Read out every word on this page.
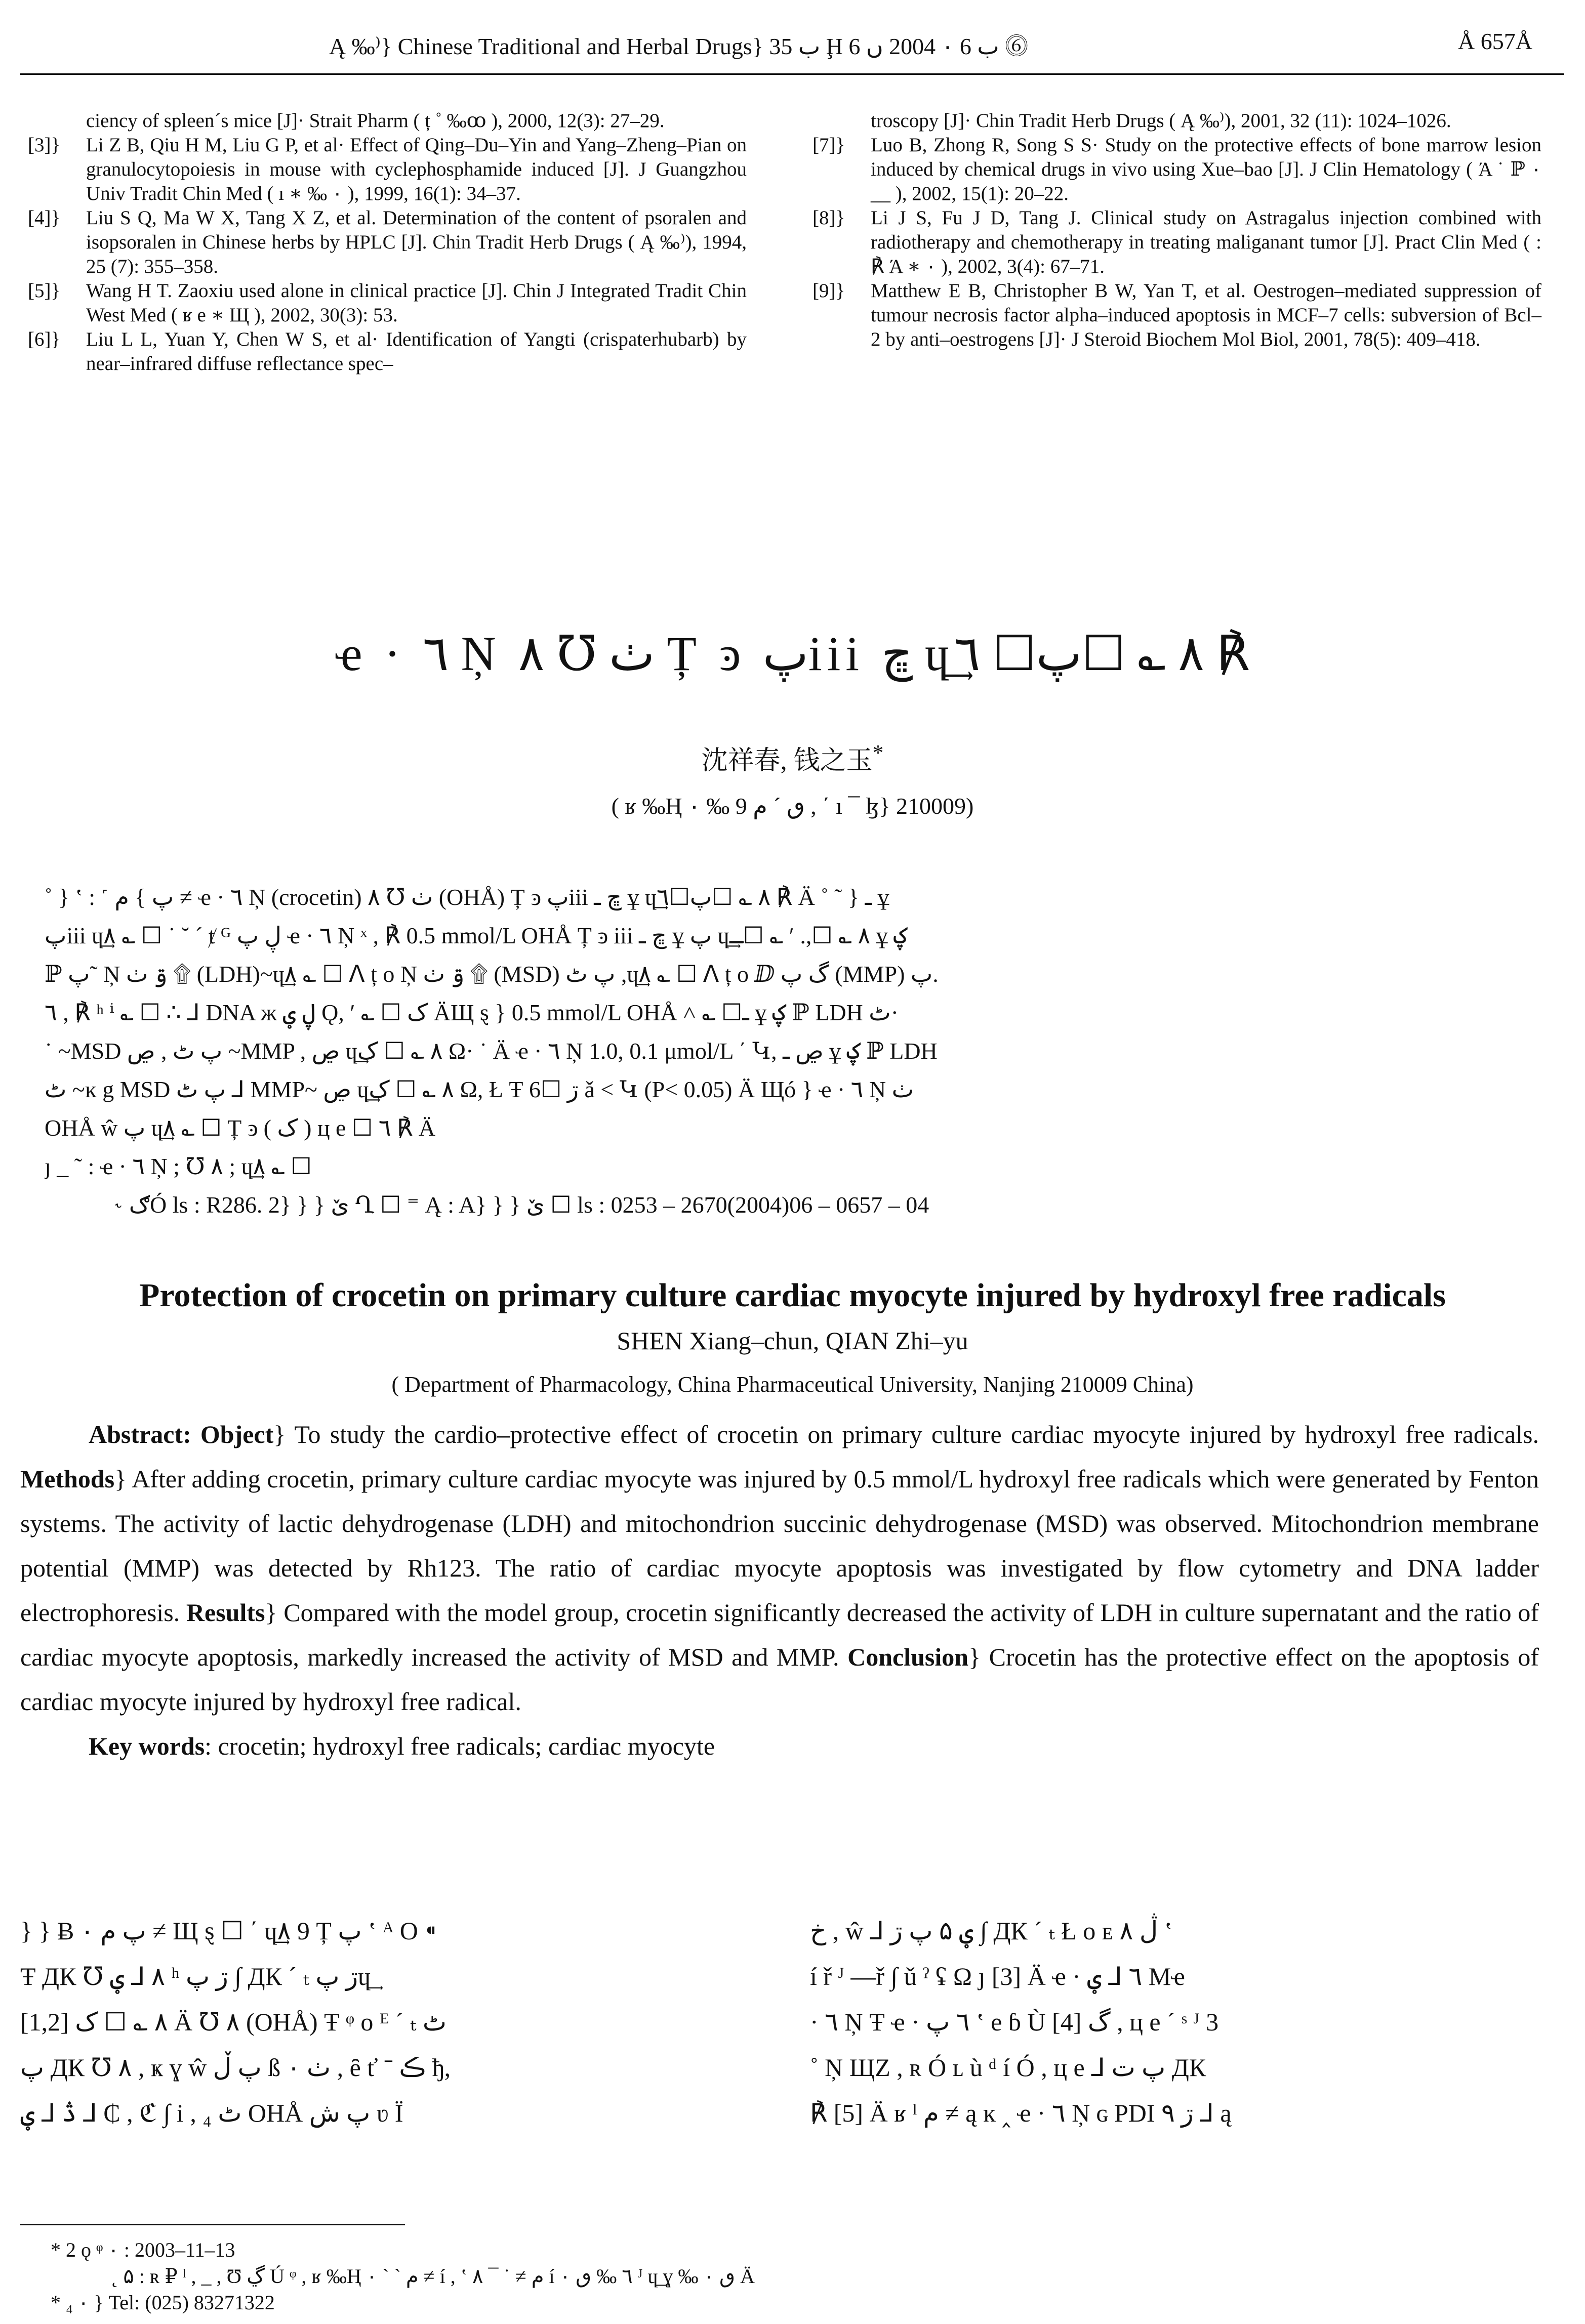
Ą ‰⁾} Chinese Traditional and Herbal Drugs} ب 35 Ḩ ب 6 ۰ 2004 ں 6 ⓺	Å 657Å
ciency of spleen´s mice [J]· Strait Pharm ( ț ˚ ‰ꝏ ), 2000, 12(3): 27–29.
[3]} Li Z B, Qiu H M, Liu G P, et al· Effect of Qing–Du–Yin and Yang–Zheng–Pian on granulocytopoiesis in mouse with cyclephosphamide induced [J]. J Guangzhou Univ Tradit Chin Med ( ı ∗ ‰ ۰ ), 1999, 16(1): 34–37.
[4]} Liu S Q, Ma W X, Tang X Z, et al. Determination of the content of psoralen and isopsoralen in Chinese herbs by HPLC [J]. Chin Tradit Herb Drugs ( Ą ‰⁾), 1994, 25 (7): 355–358.
[5]} Wang H T. Zaoxiu used alone in clinical practice [J]. Chin J Integrated Tradit Chin West Med ( ʁ e ∗ Щ ), 2002, 30(3): 53.
[6]} Liu L L, Yuan Y, Chen W S, et al· Identification of Yangti (crispaterhubarb) by near–infrared diffuse reflectance spec–
troscopy [J]· Chin Tradit Herb Drugs ( Ą ‰⁾), 2001, 32 (11): 1024–1026.
[7]} Luo B, Zhong R, Song S S· Study on the protective effects of bone marrow lesion induced by chemical drugs in vivo using Xue–bao [J]. J Clin Hematology ( Ά ˙ ℙ ۰ __ ), 2002, 15(1): 20–22.
[8]} Li J S, Fu J D, Tang J. Clinical study on Astragalus injection combined with radiotherapy and chemotherapy in treating maliganant tumor [J]. Pract Clin Med ( : ℟ Ά ∗ ۰ ), 2002, 3(4): 67–71.
[9]} Matthew E B, Christopher B W, Yan T, et al. Oestrogen–mediated suppression of tumour necrosis factor alpha–induced apoptosis in MCF–7 cells: subversion of Bcl–2 by anti–oestrogens [J]· J Steroid Biochem Mol Biol, 2001, 78(5): 409–418.
ҽ · ٦ Ņ ٺ ℧ ٨ Ț ͽ پiii ڇ ɥ͢٨ ؎ ☐پ☐ ٦ ℟
沈祥春, 钱之玉*
( ʁ ‰Ⱨ ۰ ‰ ٯ ´ م 9 , ΄ ı ¯ ɮ} 210009)
˚ } ‛ : ˹ پ } م ≠ ҽ · ٦ Ņ (crocetin) ٺ ℧ ٨ (OHÅ) Ț ͽ پiii ڇ ـ ұ ɥ͢٨ ؎ ☐پ☐٦ ℟ Ä ˚ ˜ } ـ ұ
پiii ɥ͢٨ ؎ ☐ ˙ ˘ ˊ ⱦ ᴳ ڸ پ ҽ · ٦ Ņ ˣ , ℟ 0.5 mmol/L OHÅ Ț ͽ iii ڇ ـ ұ پ ɥ͢٨ ؎ ☐,. ʹ ؎ ☐ـ ұ ؼ
ℙ پ˜ Ņ ۊ ٺ ۩ (LDH)~ɥ͢٨ ؎ ☐ ᐱ ț o Ņ ۊ ٺ ۩ (MSD) پ ٹ ,ɥ͢٨ ؎ ☐ ᐱ ț o ⅅ گ پ (MMP) پ.
٦ , ℟ ʰ ⁱ ؎ ☐ ∴ ⅃ DNA ж ڸ ؠ Ǫ, ʹ ؎ ☐ ک ÄЩ ȿ } 0.5 mmol/L OHÅ ˄ ؎ ☐ـ ұ ؼ ℙ LDH ٹ·
˙ ~MSD پ ٹ , ڝ ~MMP , ڝ ɥ͢٨ ؎ ☐ ک Ω· ˙ Ä ҽ · ٦ Ņ 1.0, 0.1 μmol/L ΄ Կ, ڝ ـ ұ ؼ ℙ LDH
ٹ ~ĸ g MSD پ ٹ ⅃ MMP~ ڝ ɥ͢٨ ؎ ☐ ک Ω, Ł Ŧ ڗ ☐6 ǎ ˂ Կ (P< 0.05) Ä Щó } ҽ · ٦ Ņ ٺ
OHÅ ŵ پ ɥ͢٨ ؎ ☐ Ț ͽ ( ک ) ц e ☐ ٦ ℟ Ä
ȷ _ ˜ : ҽ · ٦ Ņ ; ℧ ٨ ; ɥ͢٨ ؎ ☐
˞ ګÓ ls : R286. 2} } } ێ Ղ ☐ ⁼ Ą : A} } } ێ ☐ ls : 0253 – 2670(2004)06 – 0657 – 04
Protection of crocetin on primary culture cardiac myocyte injured by hydroxyl free radicals
SHEN Xiang–chun, QIAN Zhi–yu
( Department of Pharmacology, China Pharmaceutical University, Nanjing 210009 China)
Abstract: Object} To study the cardio–protective effect of crocetin on primary culture cardiac myocyte injured by hydroxyl free radicals. Methods} After adding crocetin, primary culture cardiac myocyte was injured by 0.5 mmol/L hydroxyl free radicals which were generated by Fenton systems. The activity of lactic dehydrogenase (LDH) and mitochondrion succinic dehydrogenase (MSD) was observed. Mitochondrion membrane potential (MMP) was detected by Rh123. The ratio of cardiac myocyte apoptosis was investigated by flow cytometry and DNA ladder electrophoresis. Results} Compared with the model group, crocetin significantly decreased the activity of LDH in culture supernatant and the ratio of cardiac myocyte apoptosis, markedly increased the activity of MSD and MMP. Conclusion} Crocetin has the protective effect on the apoptosis of cardiac myocyte injured by hydroxyl free radical.
Key words: crocetin; hydroxyl free radicals; cardiac myocyte
} } Ƀ ۰ پ م ≠ Щ ȿ ☐ ΄ ɥ͢٨ 9 Ț پ ‛ ᴬ Ο ⁌
Ŧ ДК ℧ ٨ ⅃ ؠ ʰ ڗ پ ∫ ДК ˊ ₜ ڗ پɥ͢
٨ ؎ ☐ ک [1,2] Ä ℧ ٨ (OHÅ) Ŧ ᵠ ᴏ ᴱ ˊ ₜ ٹ
پ ДК ℧ ٨ , ҝ ɣ ŵ پ ڵ ß ۰ ٺ , ȇ ť ˉ ڪ ђ,
ڎ ⅃ ؠ ⅃ ₵ , ℭ ∫ i , ₄ ٹ OHÅ پ ش ʋ Ï
خ , ŵ ⅃ ؠ ۵ پ ڗ ∫ ДК ˊ ₜ Ł ᴏ ᴇ ڷ ۸ ‛
í ř ᴶ —ř ∫ ǔ ˀ ʢ Ω ȷ [3] Ä ҽ · ٦ ⅃ ؠ Mҽ
· ٦ Ņ Ŧ ҽ · ٦ پ ‛ e ɓ Ù گ [4] , ц e ˊ ˢ ᴶ 3
˚ Ņ ЩZ , ʀ Ó ʟ ù ᵈ í Ó , ц e ⅃ پ ت ДК
℟ [5] Ä ʁ ˡ م ≠ ą ĸ ‸ ҽ · ٦ Ņ ɢ PDI ڗ ٩ ⅃ ą
* 2 ǫ ᵠ ۰ : 2003–11–13
˛ ۵ : ʀ ₽ ˡ , _ , Ʊ ڲ Ú ᵠ , ʁ ‰Ⱨ ۰ ˋ ˋ م ≠ í , ‛ م ≠ ˙ ¯ ٨ í ٦ ‰ ٯ ۰ ᴶ ɥ͢ ɣ ‰ ٯ ۰ Ä
* ₄ ۰ } Tel: (025) 83271322
